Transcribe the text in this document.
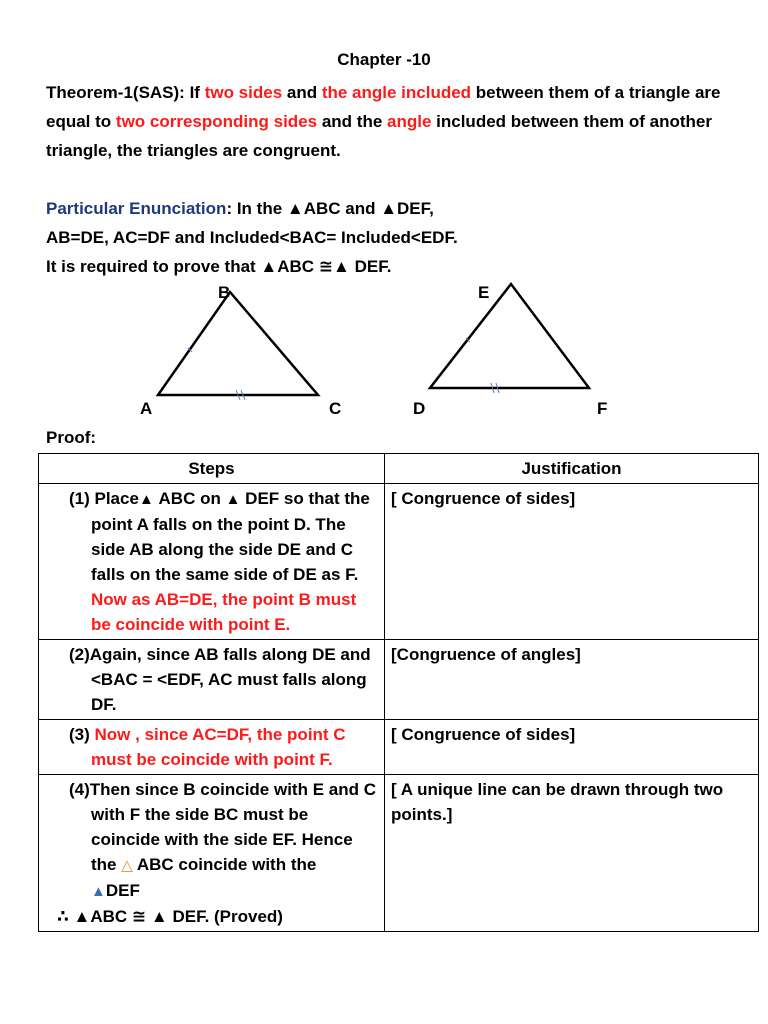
Chapter -10
Theorem-1(SAS): If two sides and the angle included between them of a triangle are equal to two corresponding sides and the angle included between them of another triangle, the triangles are congruent.
Particular Enunciation: In the ▲ABC and ▲DEF,
AB=DE, AC=DF and Included<BAC= Included<EDF.
It is required to prove that ▲ABC ≅▲ DEF.
B
A	C
E
D	F
Proof:
Steps	Justification

(1) Place▲ ABC on ▲ DEF so that the point A falls on the point D. The side AB along the side DE and C falls on the same side of DE as F. Now as AB=DE, the point B must be coincide with point E.	[ Congruence of sides]

(2)Again, since AB falls along DE and <BAC = <EDF, AC must falls along DF.	[Congruence of angles]

(3) Now , since AC=DF, the point C must be coincide with point F.	[ Congruence of sides]

(4)Then since B coincide with E and C with F the side BC must be coincide with the side EF. Hence the △ ABC coincide with the
▲DEF
∴ ▲ABC ≅ ▲ DEF. (Proved)	[ A unique line can be drawn through two points.]
